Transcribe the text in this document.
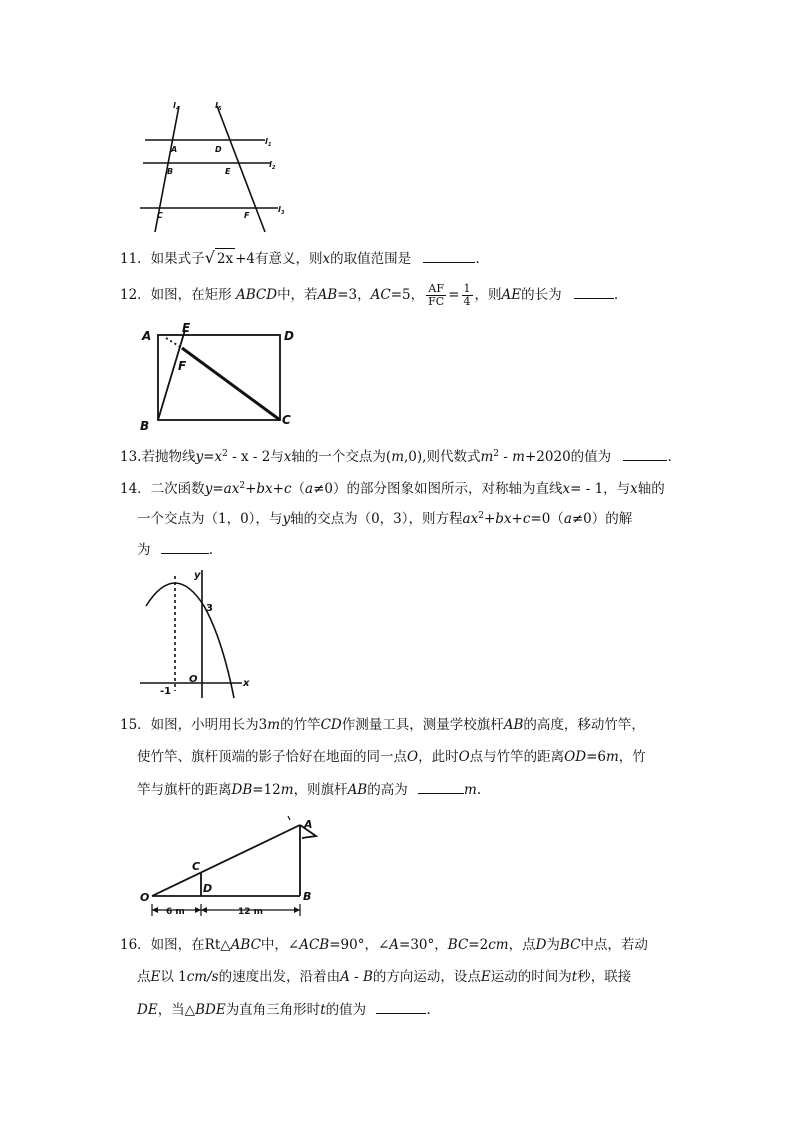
l 4	l 5
l 1
l 2
l 3
A	D
B	E
C	F
11．如果式子√ 2x +4有意义，则x的取值范围是	.
12．如图，在矩形 ABCD中，若AB=3，AC=5， $\frac{AF}{FC} = \frac{1}{4}$ ，则AE的长为	.
A
E
D
F
B	C
13.若抛物线$y=x^2 - x - 2$与x轴的一个交点为(m,0),则代数式$m^2 - m+2020$的值为	.
14．二次函数$y=ax^2+bx+c(a\ne 0)$的部分图象如图所示，对称轴为直线x= - 1，与x轴的
一个交点为（1，0），与y轴的交点为（0，3），则方程$ax^2+bx+c=0(a\ne 0)$的解
为	.
y
3
-1
O	x
15．如图，小明用长为3m的竹竿CD作测量工具，测量学校旗杆AB的高度，移动竹竿，
使竹竿、旗杆顶端的影子恰好在地面的同一点O，此时O点与竹竿的距离OD=6m，竹
竿与旗杆的距离DB=12m，则旗杆AB的高为	m.
A
C
O
D
B
6 m	12 m
16．如图，在Rt△ABC中，∠ACB=90°，∠A=30°，BC=2cm，点D为BC中点，若动
点E以 1cm/s的速度出发，沿着由A - B的方向运动，设点E运动的时间为t秒，联接
DE，当△BDE为直角三角形时t的值为	.
